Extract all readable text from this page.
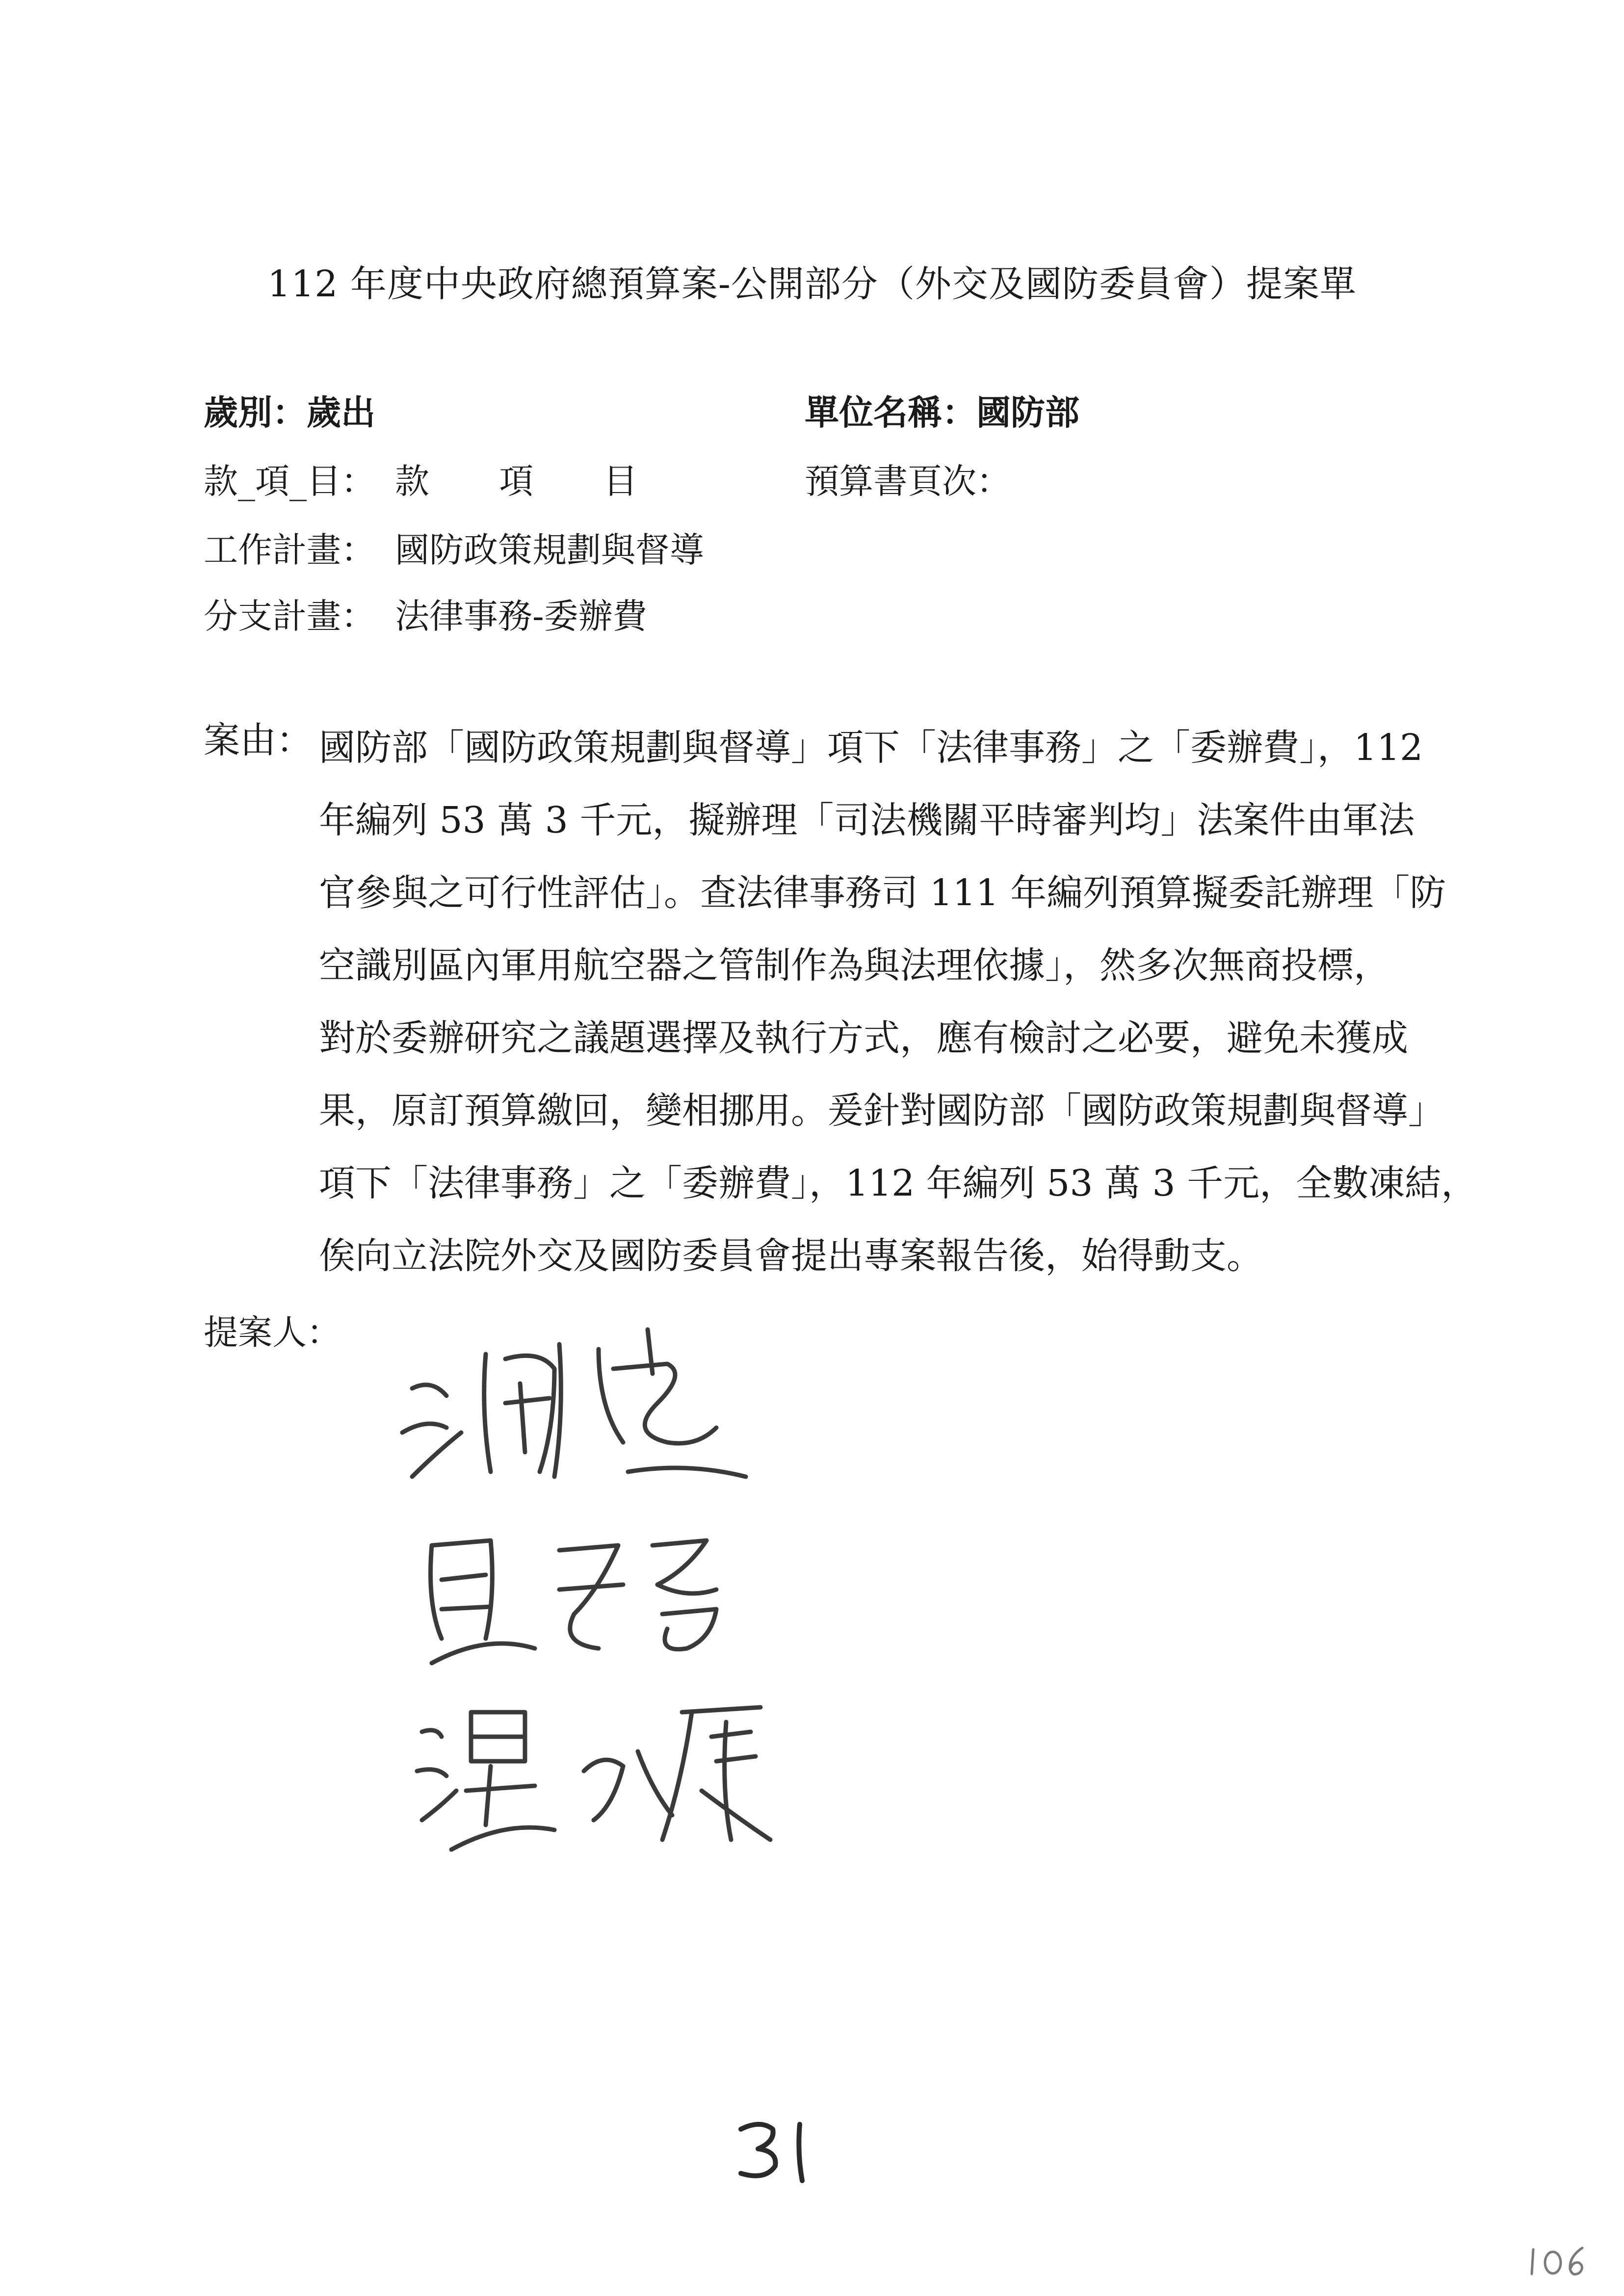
112 年度中央政府總預算案-公開部分（外交及國防委員會）提案單
歲別：歲出	單位名稱：國防部
款_項_目： 款 項 目	預算書頁次：
工作計畫： 國防政策規劃與督導
分支計畫： 法律事務-委辦費
案由： 國防部「國防政策規劃與督導」項下「法律事務」之「委辦費」，112
年編列 53 萬 3 千元，擬辦理「司法機關平時審判均」法案件由軍法
官參與之可行性評估」。查法律事務司 111 年編列預算擬委託辦理「防
空識別區內軍用航空器之管制作為與法理依據」，然多次無商投標，
對於委辦研究之議題選擇及執行方式，應有檢討之必要，避免未獲成
果，原訂預算繳回，變相挪用。爰針對國防部「國防政策規劃與督導」
項下「法律事務」之「委辦費」，112 年編列 53 萬 3 千元，全數凍結，
俟向立法院外交及國防委員會提出專案報告後，始得動支。
提案人：
31
106
